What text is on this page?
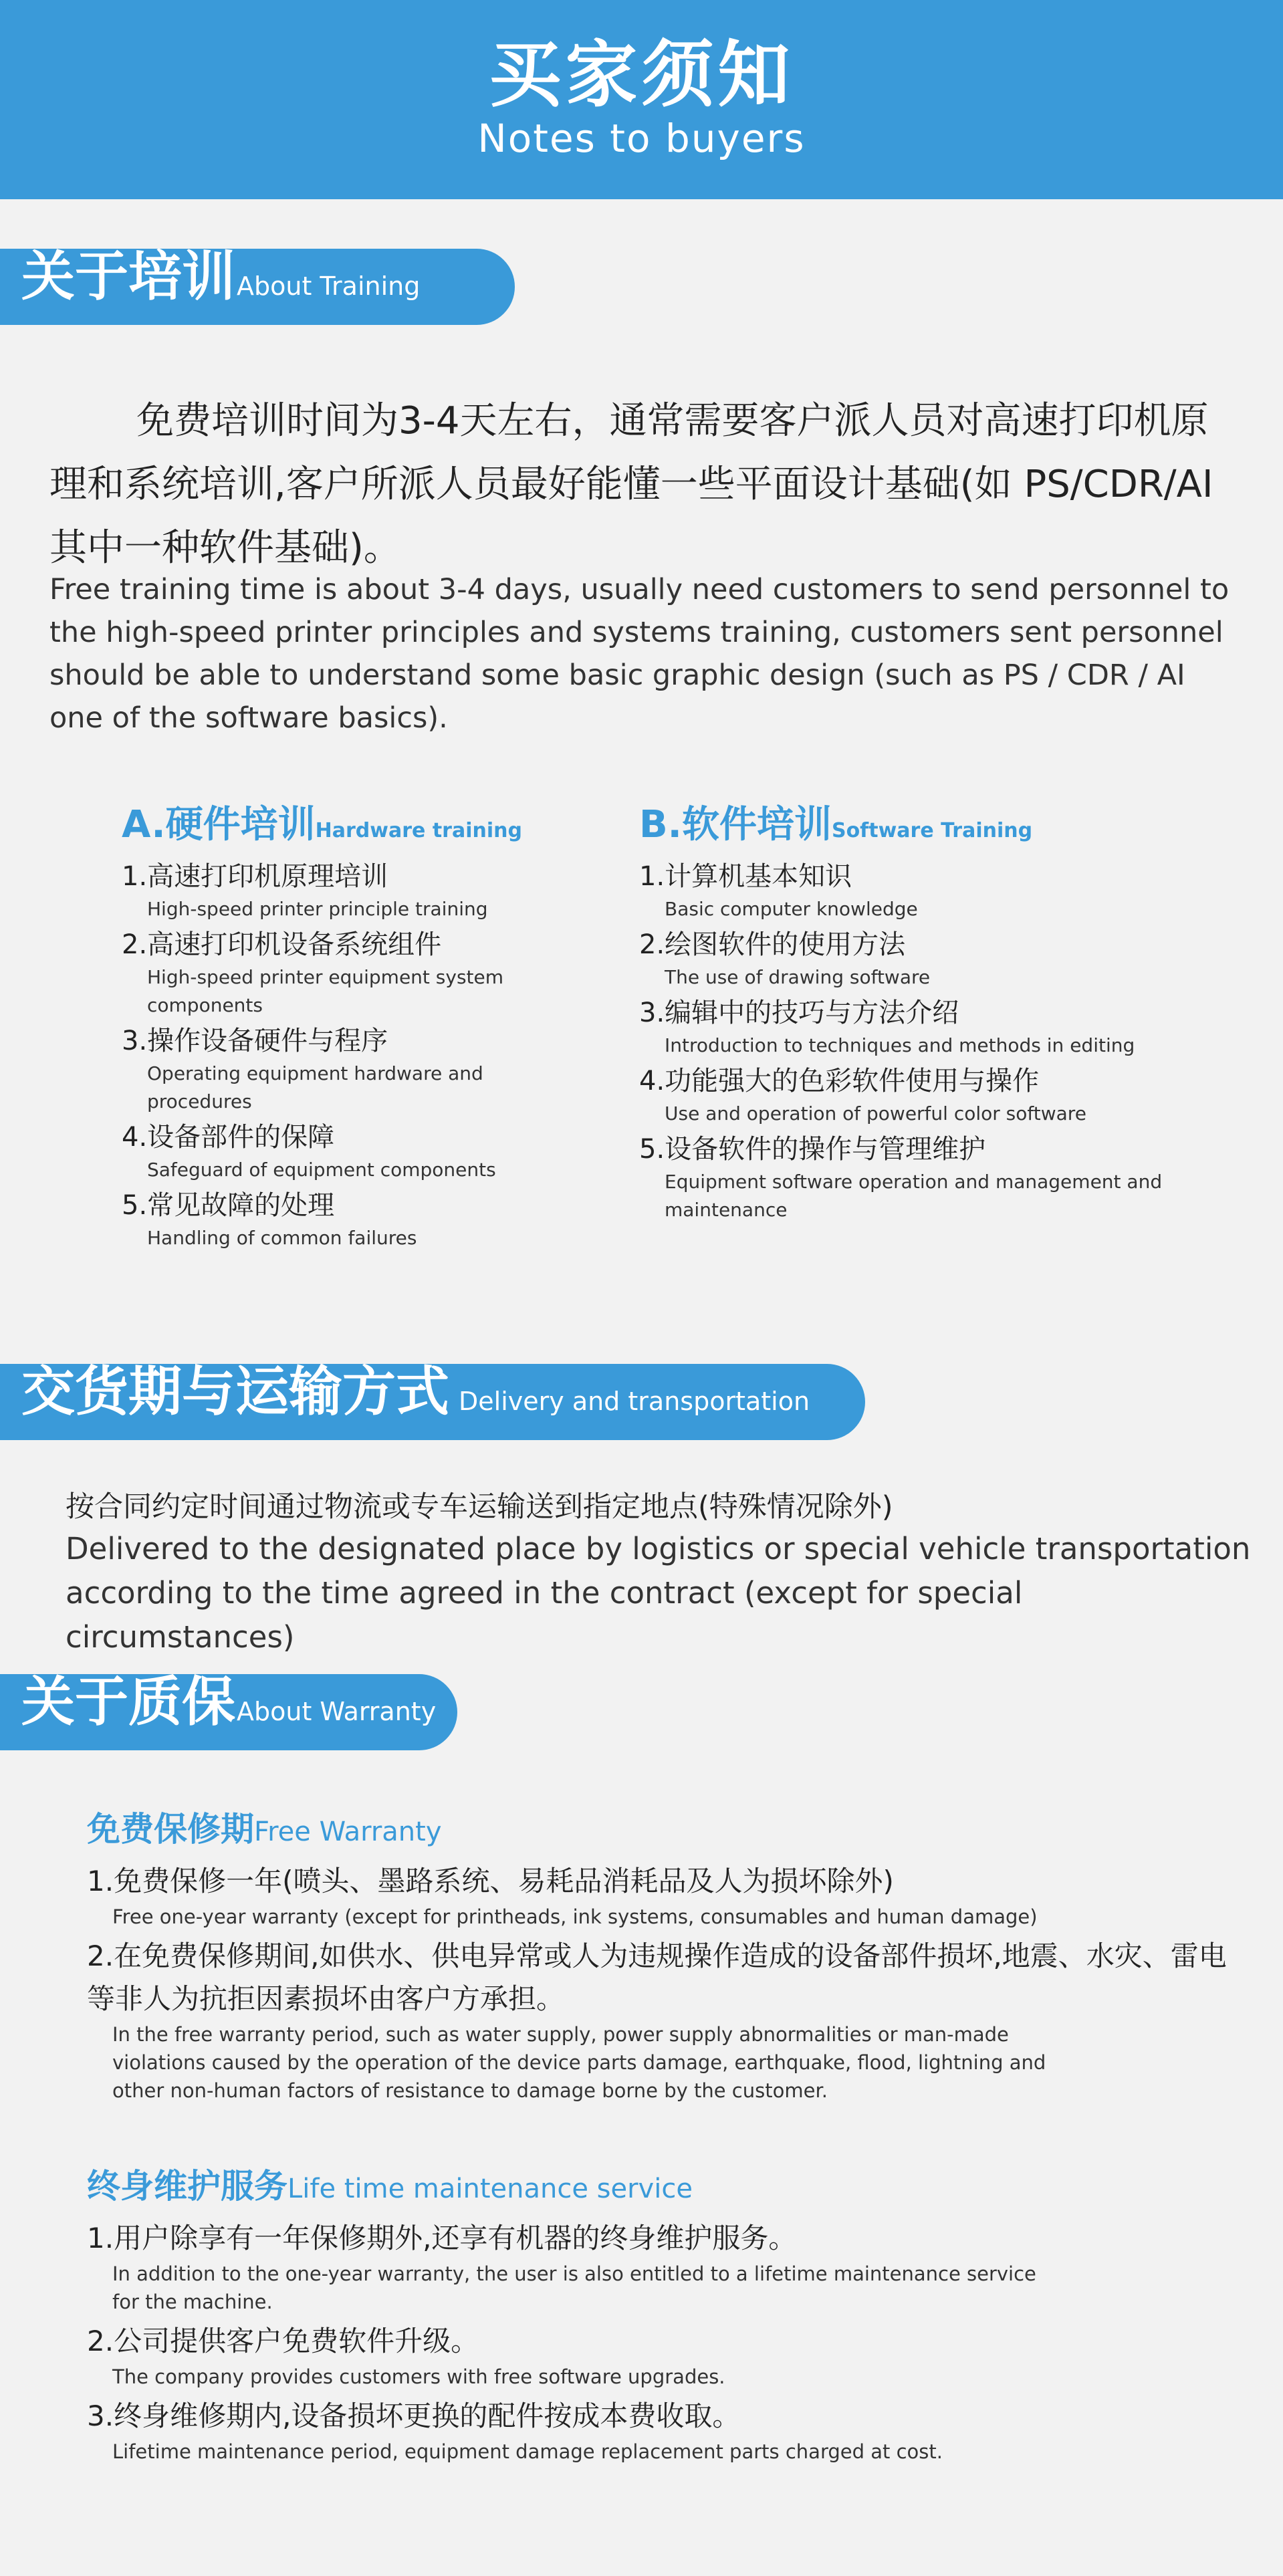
买家须知
Notes to buyers
关于培训About Training
免费培训时间为3-4天左右，通常需要客户派人员对高速打印机原理和系统培训,客户所派人员最好能懂一些平面设计基础(如 PS/CDR/AI其中一种软件基础)。
Free training time is about 3-4 days, usually need customers to send personnel to the high-speed printer principles and systems training, customers sent personnel should be able to understand some basic graphic design (such as PS / CDR / AI one of the software basics).
A.硬件培训Hardware training
1.高速打印机原理培训
High-speed printer principle training
2.高速打印机设备系统组件
High-speed printer equipment system components
3.操作设备硬件与程序
Operating equipment hardware and procedures
4.设备部件的保障
Safeguard of equipment components
5.常见故障的处理
Handling of common failures
B.软件培训Software Training
1.计算机基本知识
Basic computer knowledge
2.绘图软件的使用方法
The use of drawing software
3.编辑中的技巧与方法介绍
Introduction to techniques and methods in editing
4.功能强大的色彩软件使用与操作
Use and operation of powerful color software
5.设备软件的操作与管理维护
Equipment software operation and management and maintenance
交货期与运输方式 Delivery and transportation
按合同约定时间通过物流或专车运输送到指定地点(特殊情况除外)
Delivered to the designated place by logistics or special vehicle transportation according to the time agreed in the contract (except for special circumstances)
关于质保About Warranty
免费保修期Free Warranty
1.免费保修一年(喷头、墨路系统、易耗品消耗品及人为损坏除外)
Free one-year warranty (except for printheads, ink systems, consumables and human damage)
2.在免费保修期间,如供水、供电异常或人为违规操作造成的设备部件损坏,地震、水灾、雷电等非人为抗拒因素损坏由客户方承担。
In the free warranty period, such as water supply, power supply abnormalities or man-made violations caused by the operation of the device parts damage, earthquake, flood, lightning and other non-human factors of resistance to damage borne by the customer.
终身维护服务Life time maintenance service
1.用户除享有一年保修期外,还享有机器的终身维护服务。
In addition to the one-year warranty, the user is also entitled to a lifetime maintenance service for the machine.
2.公司提供客户免费软件升级。
The company provides customers with free software upgrades.
3.终身维修期内,设备损坏更换的配件按成本费收取。
Lifetime maintenance period, equipment damage replacement parts charged at cost.
